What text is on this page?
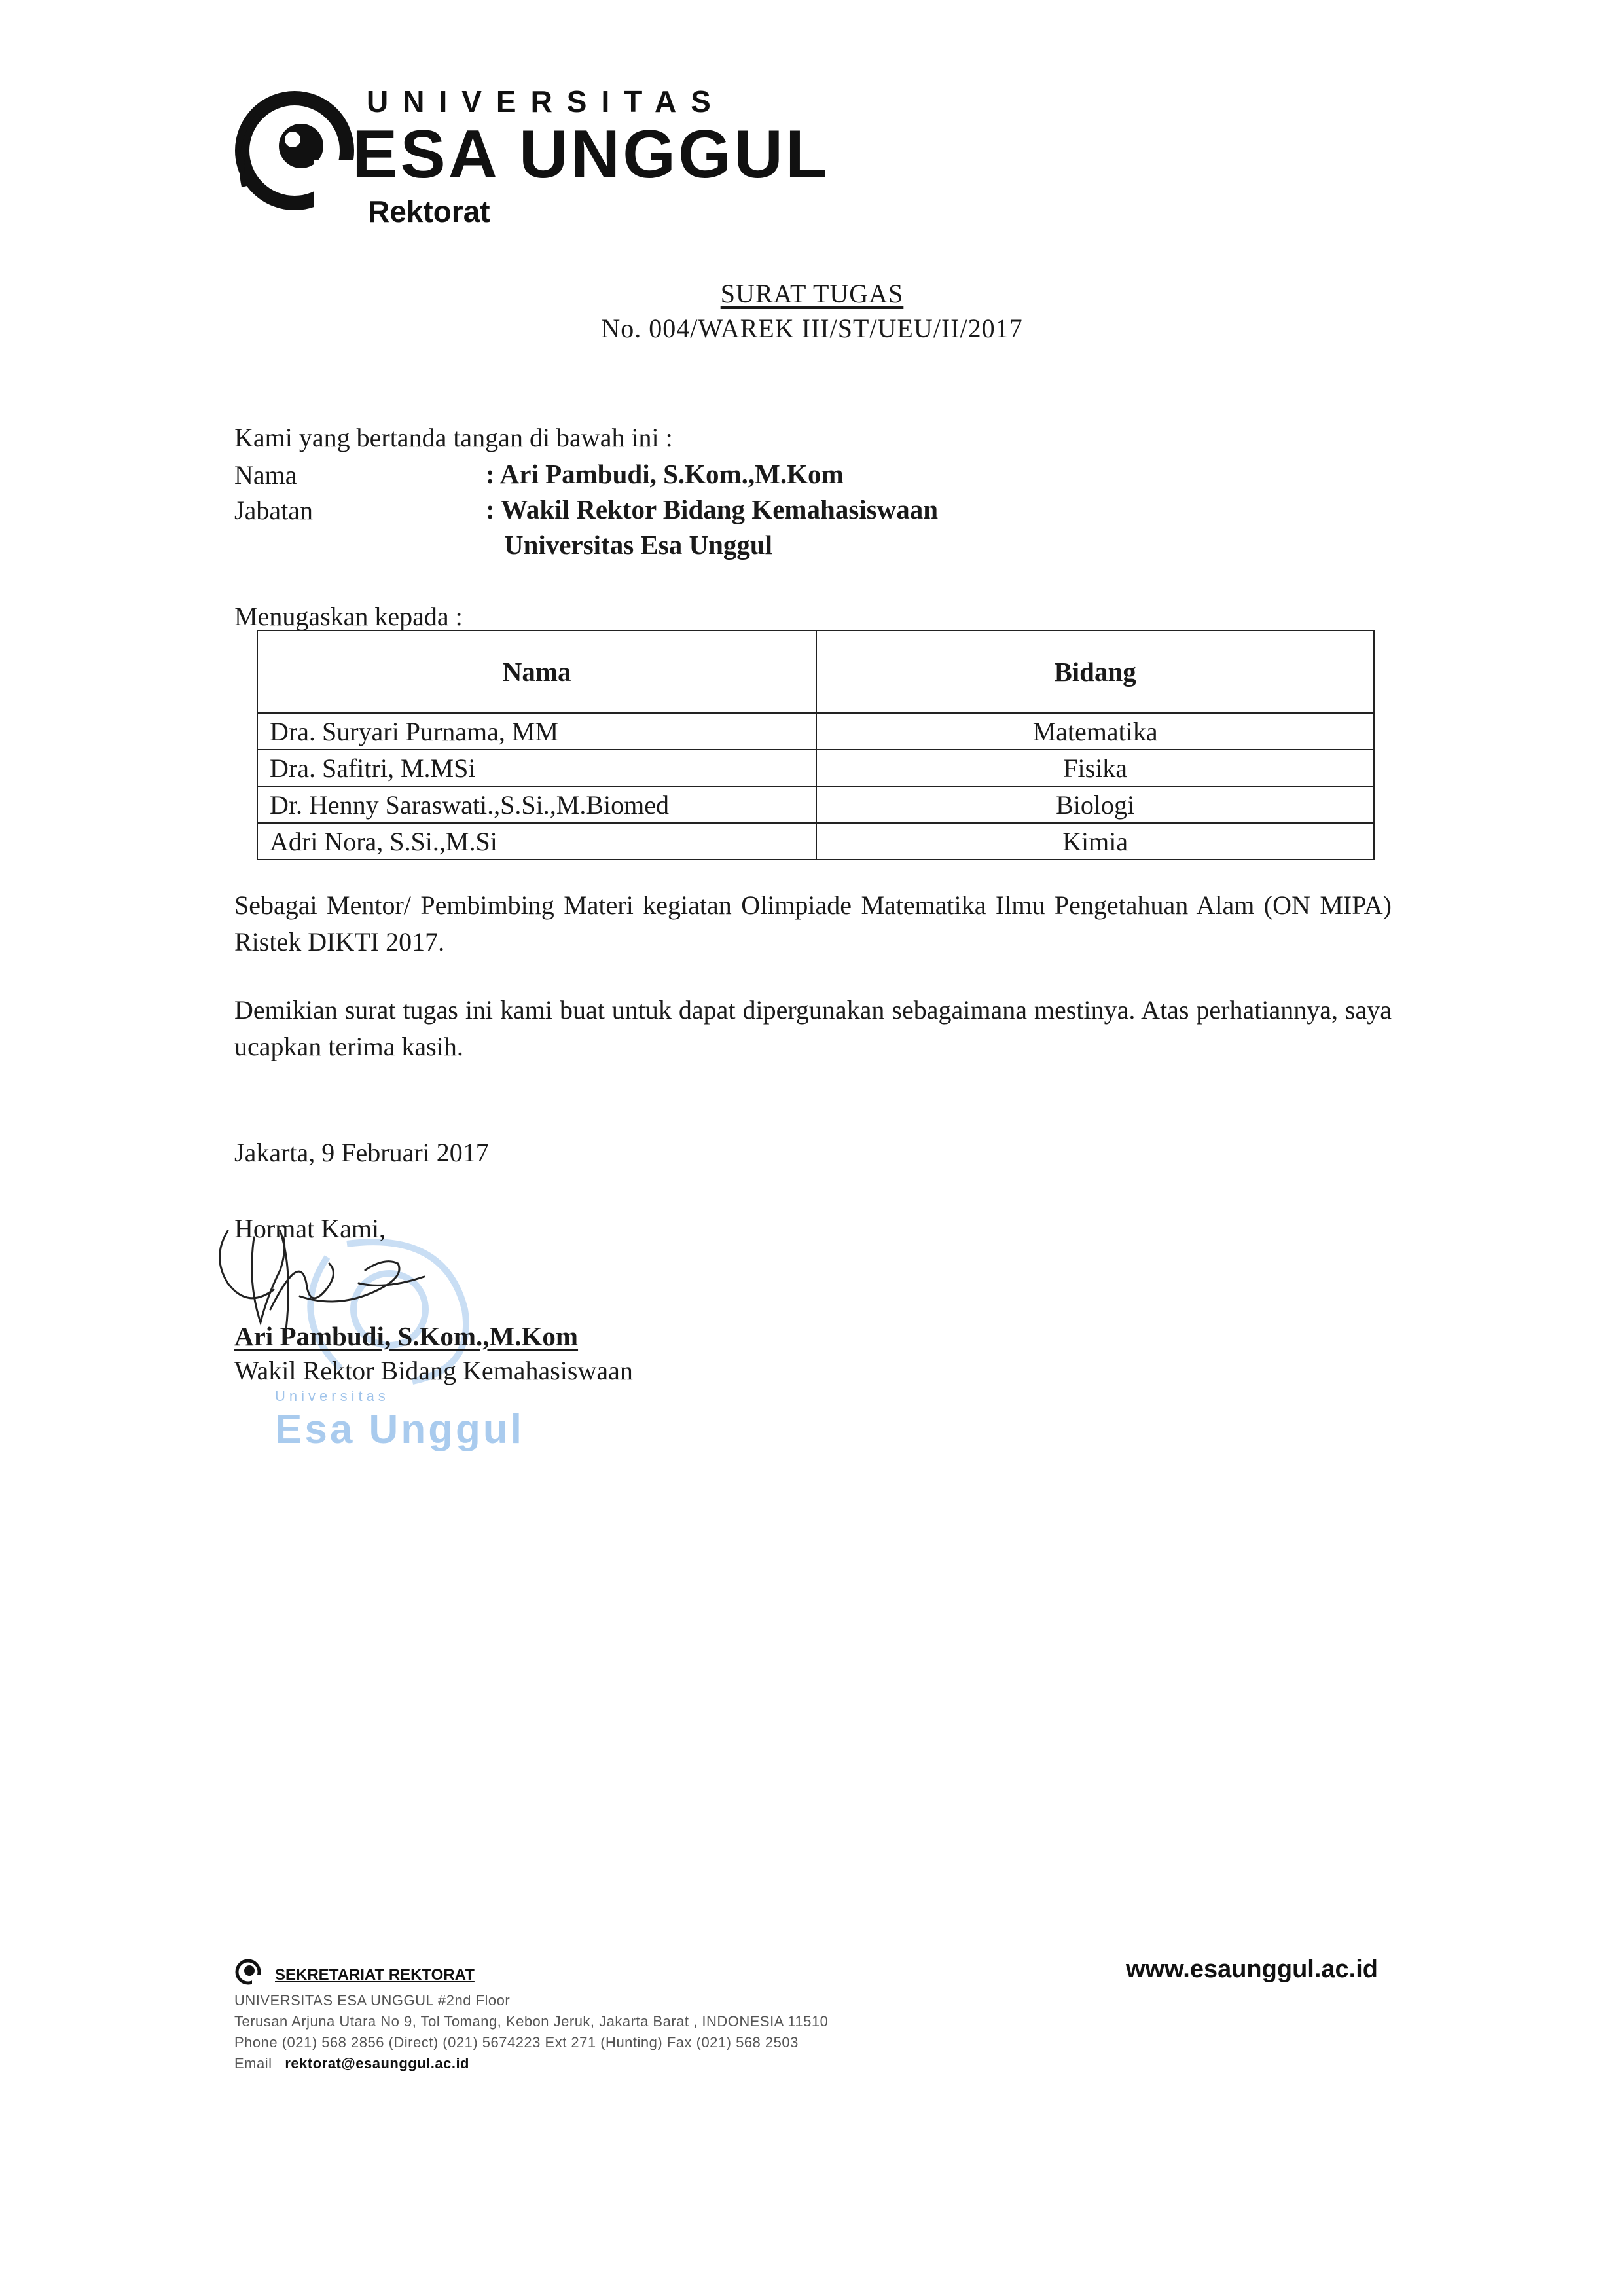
UNIVERSITAS
ESA UNGGUL
Rektorat
SURAT TUGAS
No. 004/WAREK III/ST/UEU/II/2017
Kami yang bertanda tangan di bawah ini :
Nama	: Ari Pambudi, S.Kom.,M.Kom
Jabatan	: Wakil Rektor Bidang Kemahasiswaan
Universitas Esa Unggul
Menugaskan kepada :
Nama	Bidang
Dra. Suryari Purnama, MM	Matematika
Dra. Safitri, M.MSi	Fisika
Dr. Henny Saraswati.,S.Si.,M.Biomed	Biologi
Adri Nora, S.Si.,M.Si	Kimia
Sebagai Mentor/ Pembimbing Materi kegiatan Olimpiade Matematika Ilmu Pengetahuan Alam (ON MIPA) Ristek DIKTI 2017.
Demikian surat tugas ini kami buat untuk dapat dipergunakan sebagaimana mestinya. Atas perhatiannya, saya ucapkan terima kasih.
Jakarta, 9 Februari 2017
Universitas
Esa Unggul
Hormat Kami,
Ari Pambudi, S.Kom.,M.Kom
Wakil Rektor Bidang Kemahasiswaan
SEKRETARIAT REKTORAT
UNIVERSITAS ESA UNGGUL #2nd Floor
Terusan Arjuna Utara No 9, Tol Tomang, Kebon Jeruk, Jakarta Barat , INDONESIA 11510
Phone (021) 568 2856 (Direct) (021) 5674223 Ext 271 (Hunting) Fax (021) 568 2503
Email rektorat@esaunggul.ac.id
www.esaunggul.ac.id
